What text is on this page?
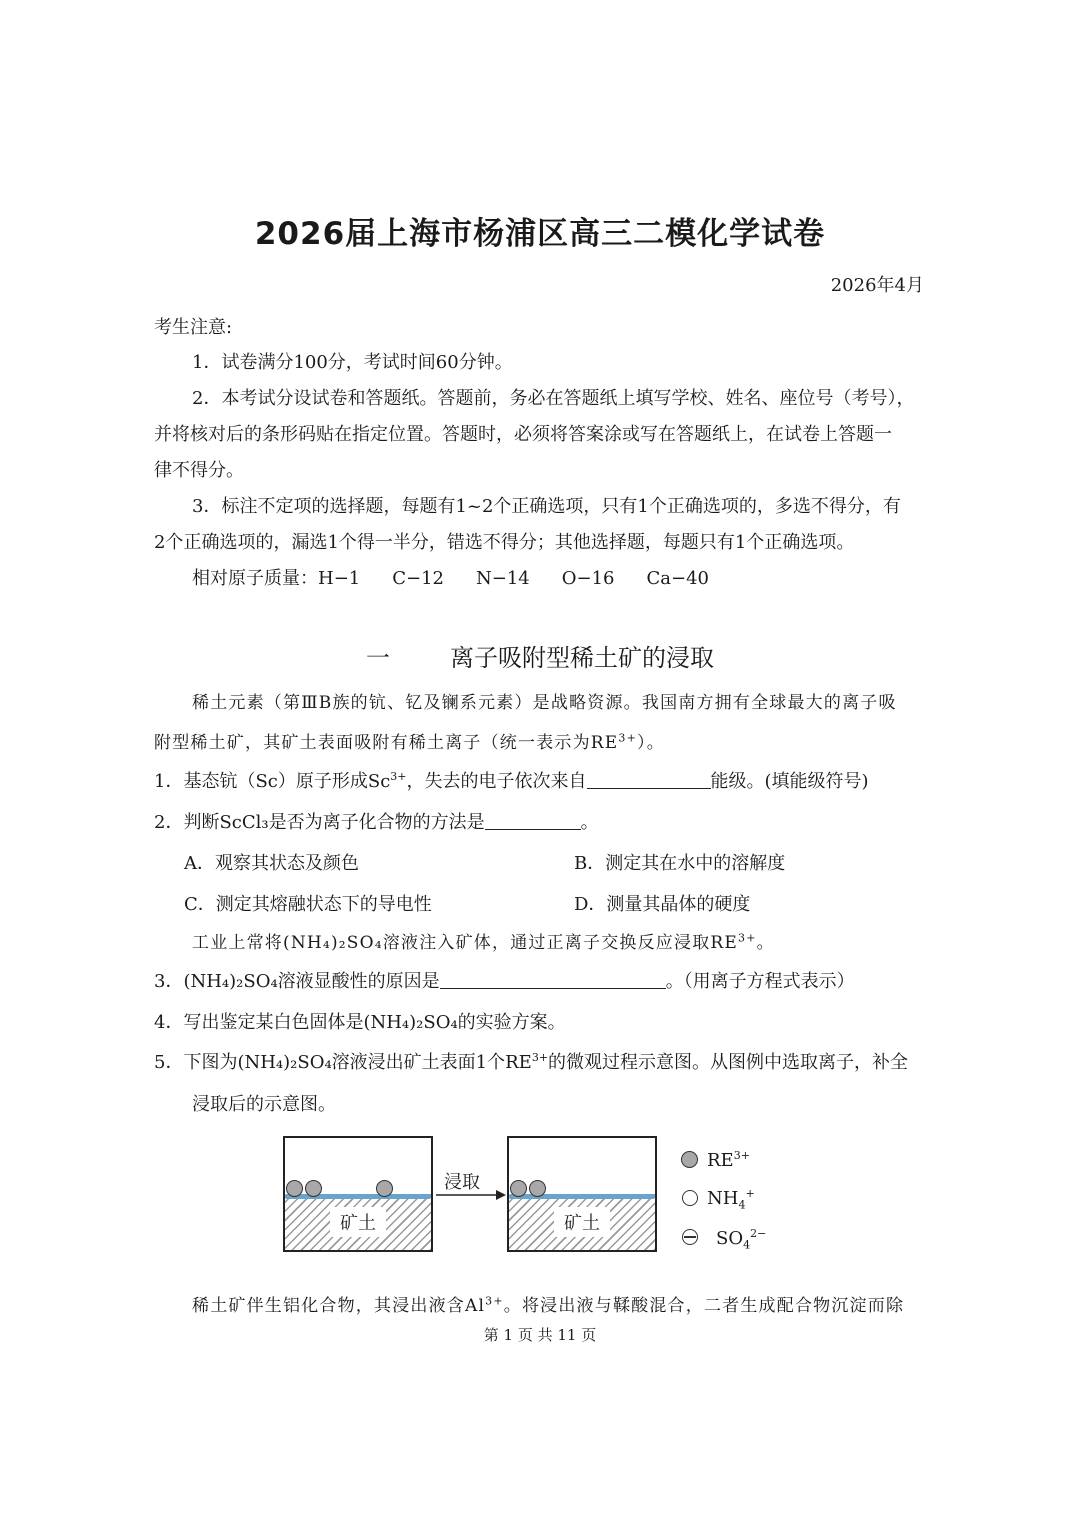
2026届上海市杨浦区高三二模化学试卷
2026年4月
考生注意:
1．试卷满分100分，考试时间60分钟。
2．本考试分设试卷和答题纸。答题前，务必在答题纸上填写学校、姓名、座位号（考号），
并将核对后的条形码贴在指定位置。答题时，必须将答案涂或写在答题纸上，在试卷上答题一
律不得分。
3．标注不定项的选择题，每题有1~2个正确选项，只有1个正确选项的，多选不得分，有
2个正确选项的，漏选1个得一半分，错选不得分；其他选择题，每题只有1个正确选项。
相对原子质量：H−1 C−12 N−14 O−16 Ca−40
一	离子吸附型稀土矿的浸取
稀土元素（第ⅢB族的钪、钇及镧系元素）是战略资源。我国南方拥有全球最大的离子吸
附型稀土矿，其矿土表面吸附有稀土离子（统一表示为$RE^{3+}$）。
1．基态钪（Sc）原子形成$Sc^{3+}$，失去的电子依次来自	能级。(填能级符号)
2．判断ScCl₃是否为离子化合物的方法是	。
A．观察其状态及颜色	B．测定其在水中的溶解度
C．测定其熔融状态下的导电性	D．测量其晶体的硬度
工业上常将(NH₄)₂SO₄溶液注入矿体，通过正离子交换反应浸取$RE^{3+}$。
3．(NH₄)₂SO₄溶液显酸性的原因是	。（用离子方程式表示）
4．写出鉴定某白色固体是(NH₄)₂SO₄的实验方案。
5．下图为(NH₄)₂SO₄溶液浸出矿土表面1个$RE^{3+}$的微观过程示意图。从图例中选取离子，补全
浸取后的示意图。
矿土
浸取
矿土
$RE^{3+}$
$NH_4^+$
$SO_4^{2-}$
稀土矿伴生铝化合物，其浸出液含$Al^{3+}$。将浸出液与鞣酸混合，二者生成配合物沉淀而除
第 1 页 共 11 页
